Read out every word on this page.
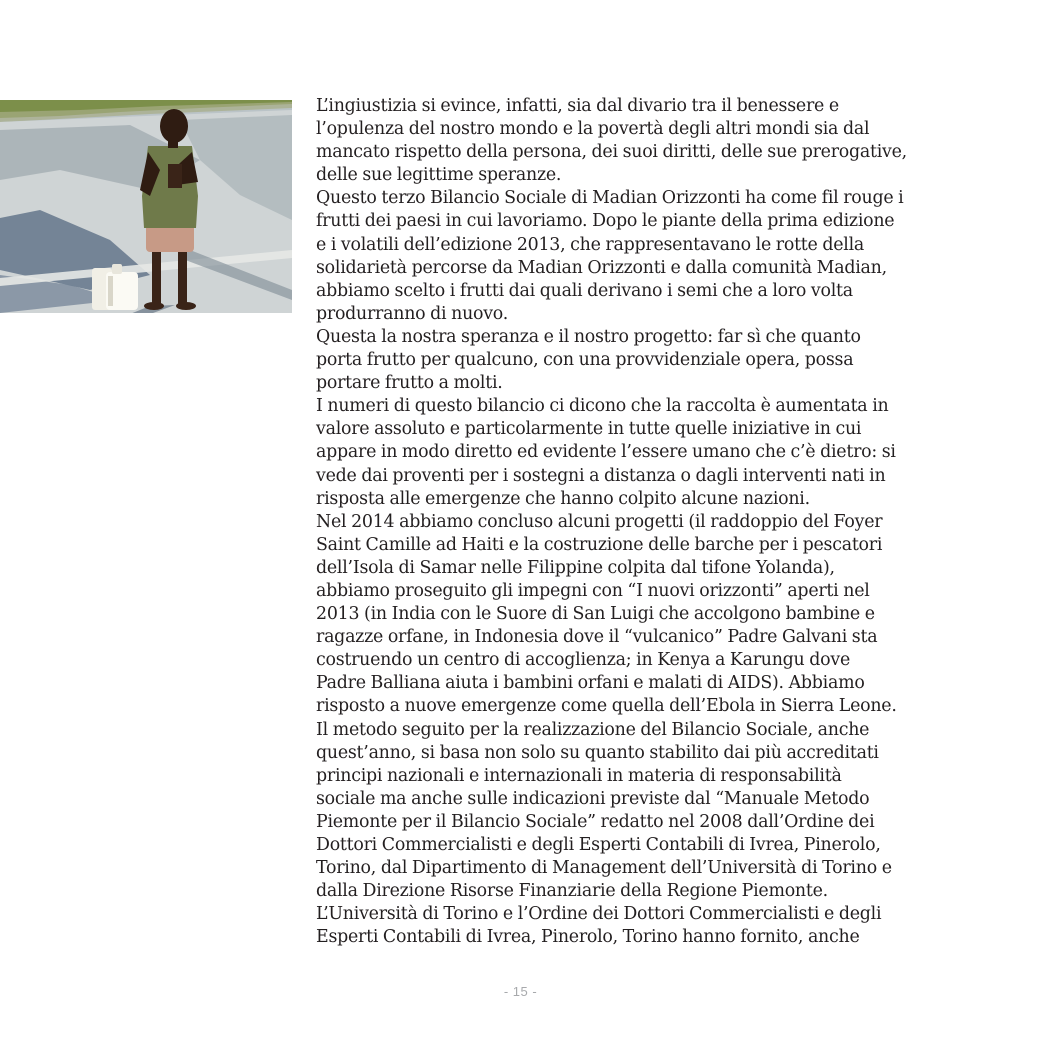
L’ingiustizia si evince, infatti, sia dal divario tra il benessere e
l’opulenza del nostro mondo e la povertà degli altri mondi sia dal
mancato rispetto della persona, dei suoi diritti, delle sue prerogative,
delle sue legittime speranze.
Questo terzo Bilancio Sociale di Madian Orizzonti ha come fil rouge i
frutti dei paesi in cui lavoriamo. Dopo le piante della prima edizione
e i volatili dell’edizione 2013, che rappresentavano le rotte della
solidarietà percorse da Madian Orizzonti e dalla comunità Madian,
abbiamo scelto i frutti dai quali derivano i semi che a loro volta
produrranno di nuovo.
Questa la nostra speranza e il nostro progetto: far sì che quanto
porta frutto per qualcuno, con una provvidenziale opera, possa
portare frutto a molti.
I numeri di questo bilancio ci dicono che la raccolta è aumentata in
valore assoluto e particolarmente in tutte quelle iniziative in cui
appare in modo diretto ed evidente l’essere umano che c’è dietro: si
vede dai proventi per i sostegni a distanza o dagli interventi nati in
risposta alle emergenze che hanno colpito alcune nazioni.
Nel 2014 abbiamo concluso alcuni progetti (il raddoppio del Foyer
Saint Camille ad Haiti e la costruzione delle barche per i pescatori
dell’Isola di Samar nelle Filippine colpita dal tifone Yolanda),
abbiamo proseguito gli impegni con “I nuovi orizzonti” aperti nel
2013 (in India con le Suore di San Luigi che accolgono bambine e
ragazze orfane, in Indonesia dove il “vulcanico” Padre Galvani sta
costruendo un centro di accoglienza; in Kenya a Karungu dove
Padre Balliana aiuta i bambini orfani e malati di AIDS). Abbiamo
risposto a nuove emergenze come quella dell’Ebola in Sierra Leone.
Il metodo seguito per la realizzazione del Bilancio Sociale, anche
quest’anno, si basa non solo su quanto stabilito dai più accreditati
principi nazionali e internazionali in materia di responsabilità
sociale ma anche sulle indicazioni previste dal “Manuale Metodo
Piemonte per il Bilancio Sociale” redatto nel 2008 dall’Ordine dei
Dottori Commercialisti e degli Esperti Contabili di Ivrea, Pinerolo,
Torino, dal Dipartimento di Management dell’Università di Torino e
dalla Direzione Risorse Finanziarie della Regione Piemonte.
L’Università di Torino e l’Ordine dei Dottori Commercialisti e degli
Esperti Contabili di Ivrea, Pinerolo, Torino hanno fornito, anche
- 15 -
